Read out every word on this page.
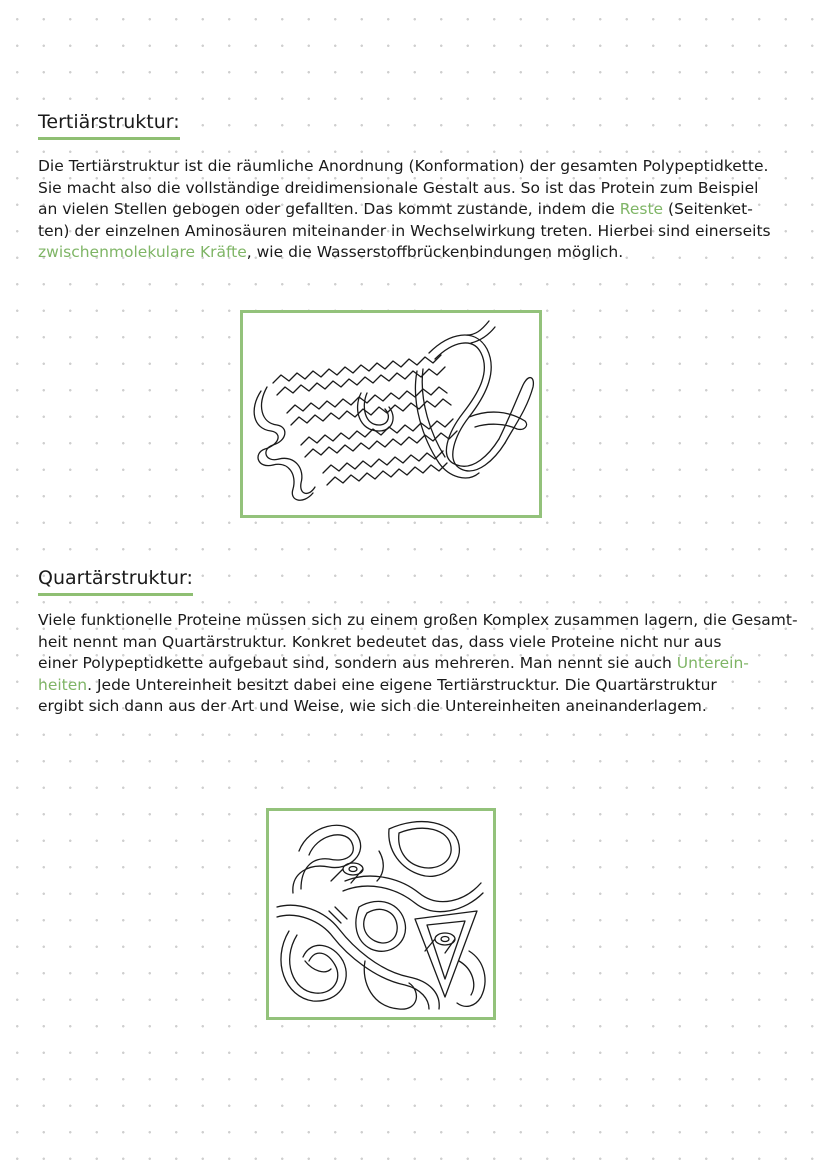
Tertiärstruktur:
Die Tertiärstruktur ist die räumliche Anordnung (Konformation) der gesamten Polypeptidkette.
Sie macht also die vollständige dreidimensionale Gestalt aus. So ist das Protein zum Beispiel
an vielen Stellen gebogen oder gefallten. Das kommt zustande, indem die Reste (Seitenket-
ten) der einzelnen Aminosäuren miteinander in Wechselwirkung treten. Hierbei sind einerseits
zwischenmolekulare Kräfte, wie die Wasserstoffbrückenbindungen möglich.
Quartärstruktur:
Viele funktionelle Proteine müssen sich zu einem großen Komplex zusammen lagern, die Gesamt-
heit nennt man Quartärstruktur. Konkret bedeutet das, dass viele Proteine nicht nur aus
einer Polypeptidkette aufgebaut sind, sondern aus mehreren. Man nennt sie auch Unterein-
heiten. Jede Untereinheit besitzt dabei eine eigene Tertiärstrucktur. Die Quartärstruktur
ergibt sich dann aus der Art und Weise, wie sich die Untereinheiten aneinanderlagem.
